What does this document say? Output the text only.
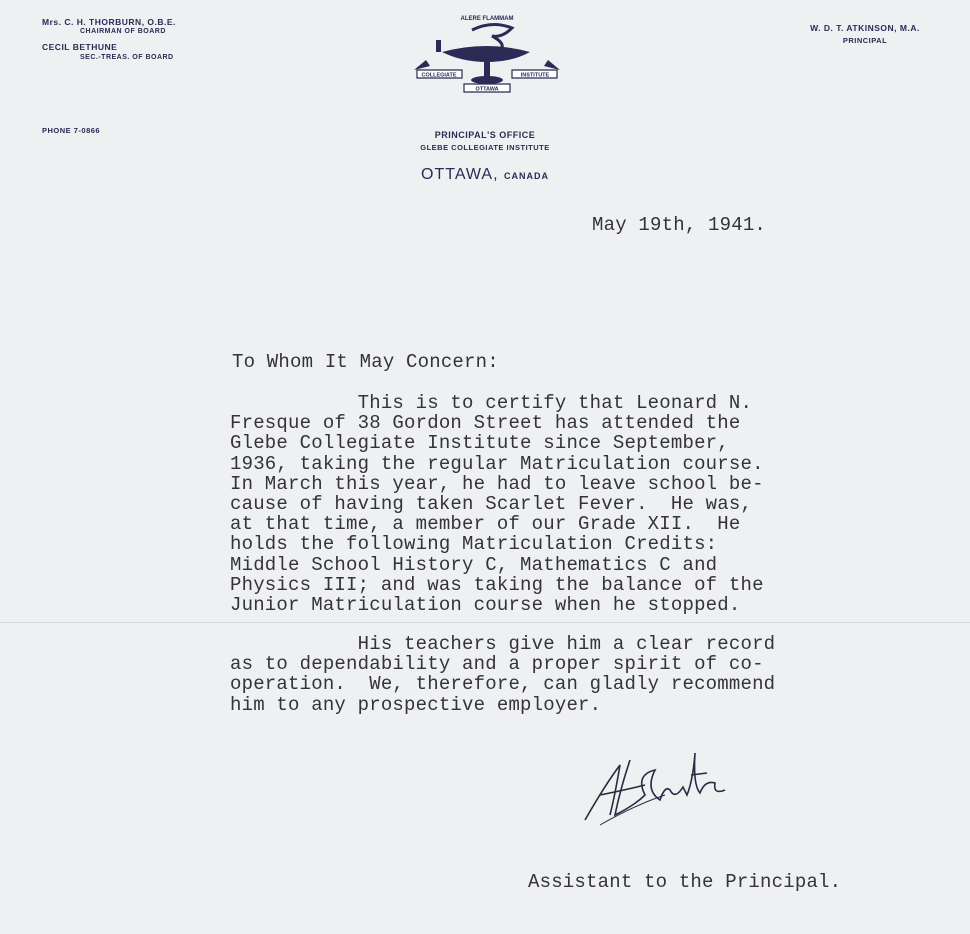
Mrs. C. H. THORBURN, O.B.E.
CHAIRMAN OF BOARD
CECIL BETHUNE
SEC.-TREAS. OF BOARD
PHONE 7-0866
W. D. T. ATKINSON, M.A.
PRINCIPAL
ALERE FLAMMAM
COLLEGIATE	INSTITUTE
OTTAWA
PRINCIPAL'S OFFICE
GLEBE COLLEGIATE INSTITUTE
OTTAWA, CANADA
May 19th, 1941.
To Whom It May Concern:
This is to certify that Leonard N.
Fresque of 38 Gordon Street has attended the
Glebe Collegiate Institute since September,
1936, taking the regular Matriculation course.
In March this year, he had to leave school be-
cause of having taken Scarlet Fever.  He was,
at that time, a member of our Grade XII.  He
holds the following Matriculation Credits:
Middle School History C, Mathematics C and
Physics III; and was taking the balance of the
Junior Matriculation course when he stopped.
His teachers give him a clear record
as to dependability and a proper spirit of co-
operation.  We, therefore, can gladly recommend
him to any prospective employer.
Assistant to the Principal.
